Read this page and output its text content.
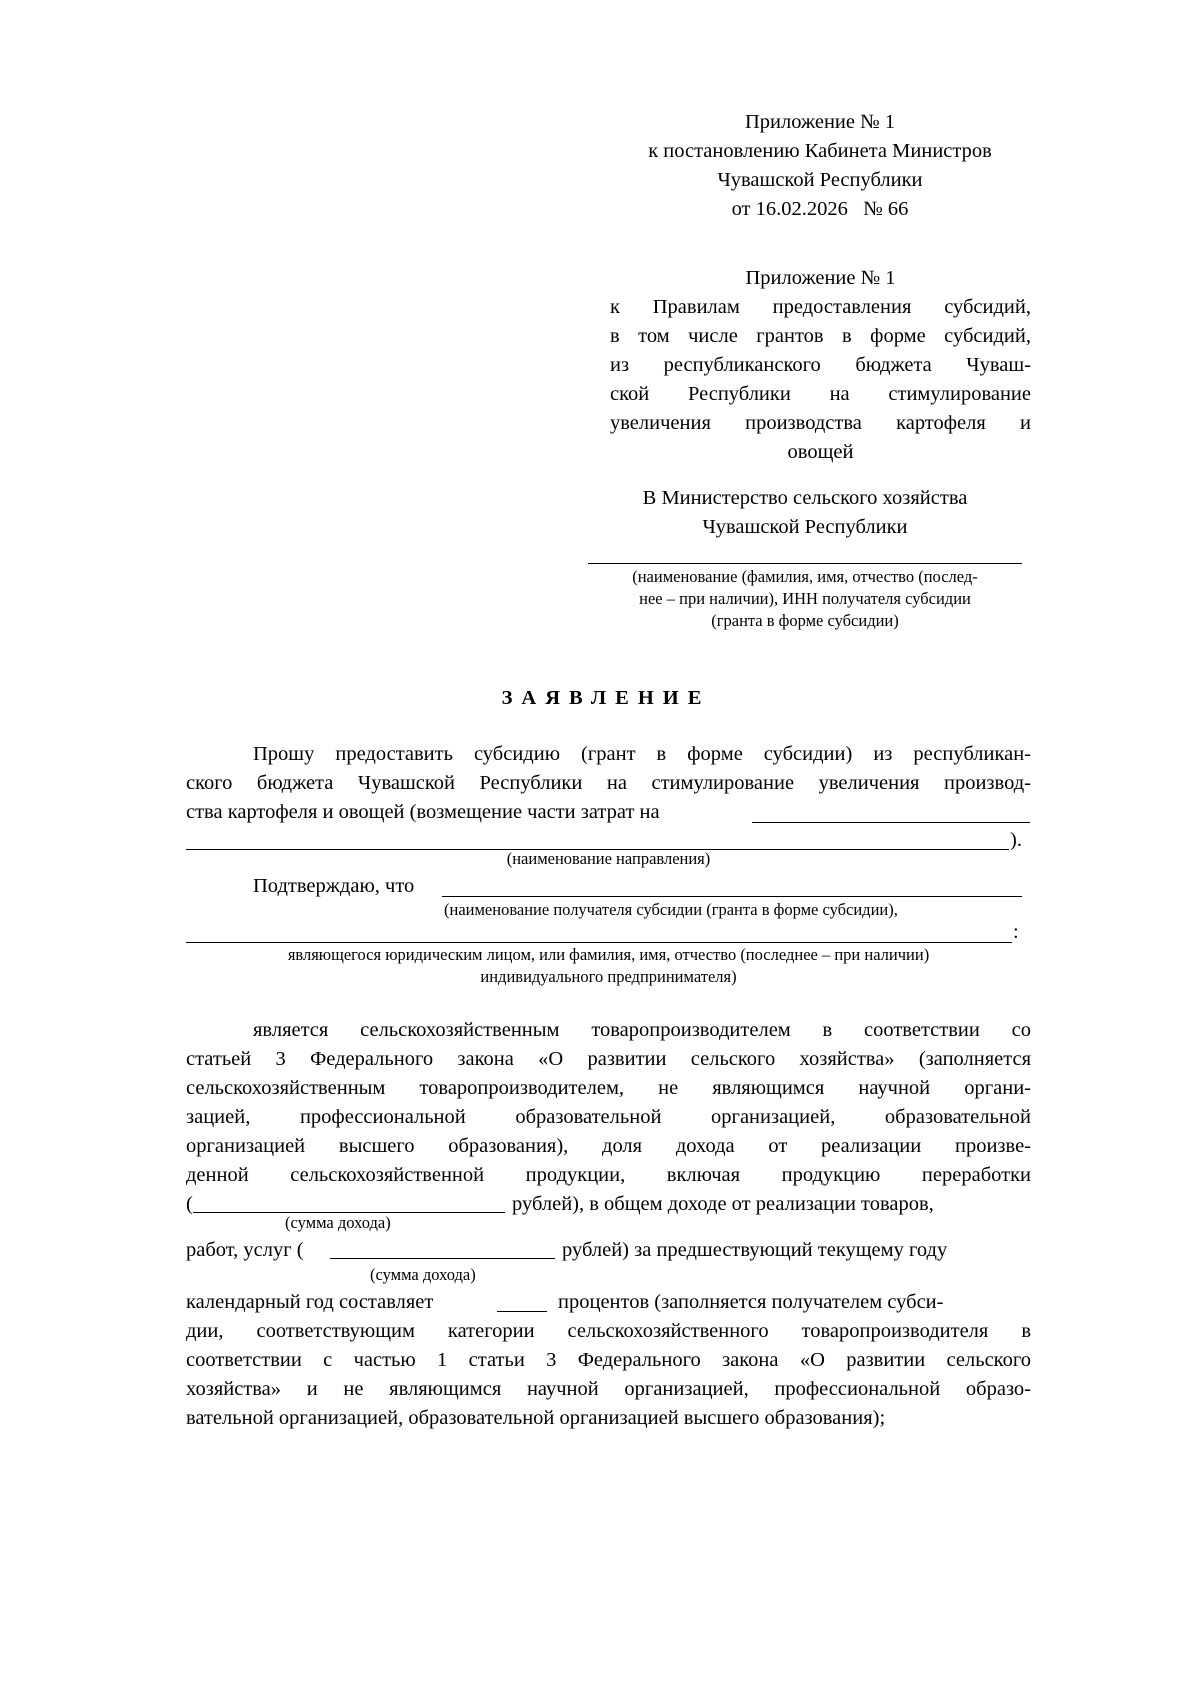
Приложение № 1
к постановлению Кабинета Министров
Чувашской Республики
от 16.02.2026   № 66
Приложение № 1
к Правилам предоставления субсидий,
в том числе грантов в форме субсидий,
из республиканского бюджета Чуваш-
ской Республики на стимулирование
увеличения производства картофеля и
овощей
В Министерство сельского хозяйства
Чувашской Республики
(наименование (фамилия, имя, отчество (послед-
нее – при наличии), ИНН получателя субсидии
(гранта в форме субсидии)
ЗАЯВЛЕНИЕ
Прошу предоставить субсидию (грант в форме субсидии) из республикан-
ского бюджета Чувашской Республики на стимулирование увеличения производ-
ства картофеля и овощей (возмещение части затрат на
).
(наименование направления)
Подтверждаю, что
(наименование получателя субсидии (гранта в форме субсидии),
:
являющегося юридическим лицом, или фамилия, имя, отчество (последнее – при наличии)
индивидуального предпринимателя)
является сельскохозяйственным товаропроизводителем в соответствии со
статьей 3 Федерального закона «О развитии сельского хозяйства» (заполняется
сельскохозяйственным товаропроизводителем, не являющимся научной органи-
зацией, профессиональной образовательной организацией, образовательной
организацией высшего образования), доля дохода от реализации произве-
денной сельскохозяйственной продукции, включая продукцию переработки
(	рублей), в общем доходе от реализации товаров,
(сумма дохода)
работ, услуг (	рублей) за предшествующий текущему году
(сумма дохода)
календарный год составляет	процентов (заполняется получателем субси-
дии, соответствующим категории сельскохозяйственного товаропроизводителя в
соответствии с частью 1 статьи 3 Федерального закона «О развитии сельского
хозяйства» и не являющимся научной организацией, профессиональной образо-
вательной организацией, образовательной организацией высшего образования);
